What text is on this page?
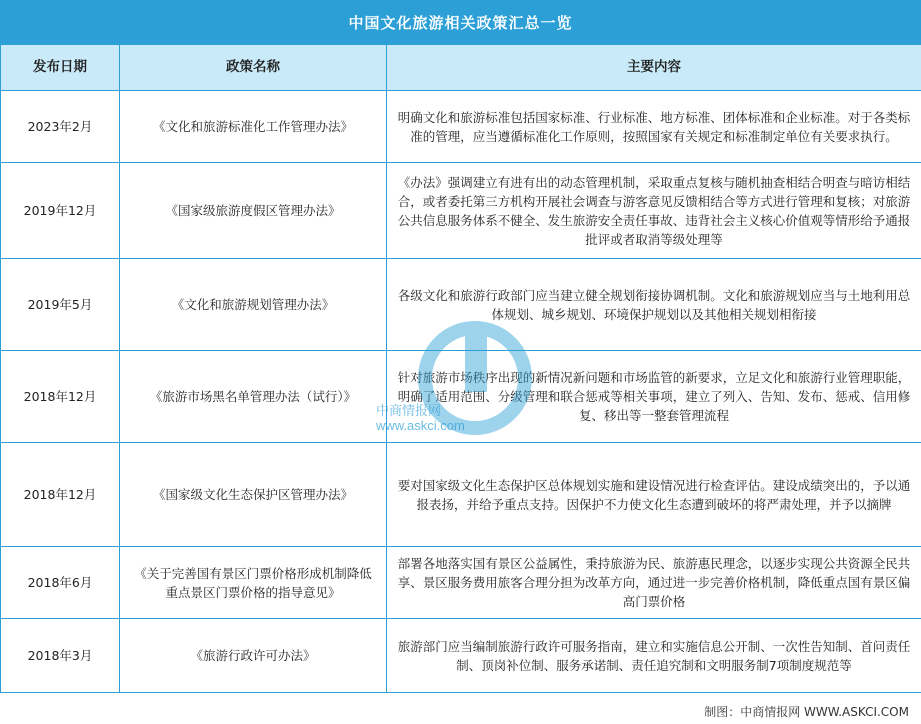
中国文化旅游相关政策汇总一览
发布日期	政策名称	主要内容
2023年2月	《文化和旅游标准化工作管理办法》	明确文化和旅游标准包括国家标准、行业标准、地方标准、团体标准和企业标准。对于各类标准的管理，应当遵循标准化工作原则，按照国家有关规定和标准制定单位有关要求执行。
2019年12月	《国家级旅游度假区管理办法》	《办法》强调建立有进有出的动态管理机制，采取重点复核与随机抽查相结合明查与暗访相结合，或者委托第三方机构开展社会调查与游客意见反馈相结合等方式进行管理和复核；对旅游公共信息服务体系不健全、发生旅游安全责任事故、违背社会主义核心价值观等情形给予通报批评或者取消等级处理等
2019年5月	《文化和旅游规划管理办法》	各级文化和旅游行政部门应当建立健全规划衔接协调机制。文化和旅游规划应当与土地利用总体规划、城乡规划、环境保护规划以及其他相关规划相衔接
2018年12月	《旅游市场黑名单管理办法（试行）》	针对旅游市场秩序出现的新情况新问题和市场监管的新要求，立足文化和旅游行业管理职能，明确了适用范围、分级管理和联合惩戒等相关事项，建立了列入、告知、发布、惩戒、信用修复、移出等一整套管理流程
2018年12月	《国家级文化生态保护区管理办法》	要对国家级文化生态保护区总体规划实施和建设情况进行检查评估。建设成绩突出的，予以通报表扬，并给予重点支持。因保护不力使文化生态遭到破坏的将严肃处理，并予以摘牌
2018年6月	《关于完善国有景区门票价格形成机制降低重点景区门票价格的指导意见》	部署各地落实国有景区公益属性，秉持旅游为民、旅游惠民理念，以逐步实现公共资源全民共享、景区服务费用旅客合理分担为改革方向，通过进一步完善价格机制，降低重点国有景区偏高门票价格
2018年3月	《旅游行政许可办法》	旅游部门应当编制旅游行政许可服务指南，建立和实施信息公开制、一次性告知制、首问责任制、顶岗补位制、服务承诺制、责任追究制和文明服务制7项制度规范等
中商情报网
www.askci.com
制图：中商情报网 WWW.ASKCI.COM
